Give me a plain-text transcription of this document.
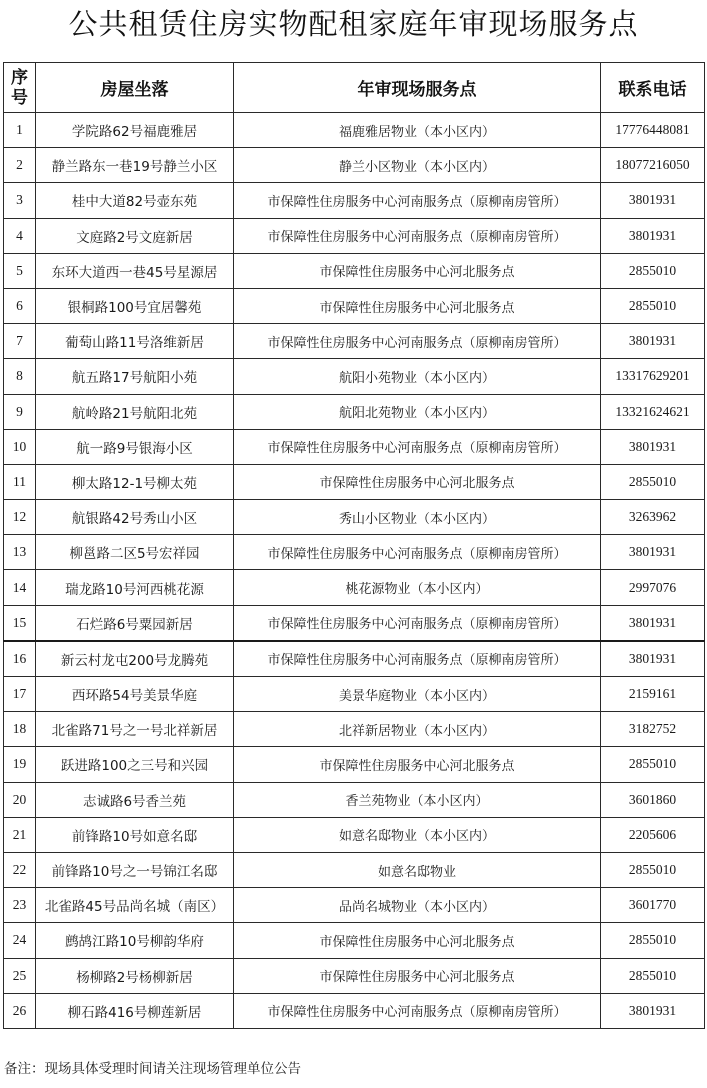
公共租赁住房实物配租家庭年审现场服务点
序号	房屋坐落	年审现场服务点	联系电话
1	学院路62号福鹿雅居	福鹿雅居物业（本小区内）	17776448081
2	静兰路东一巷19号静兰小区	静兰小区物业（本小区内）	18077216050
3	桂中大道82号壶东苑	市保障性住房服务中心河南服务点（原柳南房管所）	3801931
4	文庭路2号文庭新居	市保障性住房服务中心河南服务点（原柳南房管所）	3801931
5	东环大道西一巷45号星源居	市保障性住房服务中心河北服务点	2855010
6	银桐路100号宜居馨苑	市保障性住房服务中心河北服务点	2855010
7	葡萄山路11号洛维新居	市保障性住房服务中心河南服务点（原柳南房管所）	3801931
8	航五路17号航阳小苑	航阳小苑物业（本小区内）	13317629201
9	航岭路21号航阳北苑	航阳北苑物业（本小区内）	13321624621
10	航一路9号银海小区	市保障性住房服务中心河南服务点（原柳南房管所）	3801931
11	柳太路12-1号柳太苑	市保障性住房服务中心河北服务点	2855010
12	航银路42号秀山小区	秀山小区物业（本小区内）	3263962
13	柳邕路二区5号宏祥园	市保障性住房服务中心河南服务点（原柳南房管所）	3801931
14	瑞龙路10号河西桃花源	桃花源物业（本小区内）	2997076
15	石烂路6号粟园新居	市保障性住房服务中心河南服务点（原柳南房管所）	3801931
16	新云村龙屯200号龙腾苑	市保障性住房服务中心河南服务点（原柳南房管所）	3801931
17	西环路54号美景华庭	美景华庭物业（本小区内）	2159161
18	北雀路71号之一号北祥新居	北祥新居物业（本小区内）	3182752
19	跃进路100之三号和兴园	市保障性住房服务中心河北服务点	2855010
20	志诚路6号香兰苑	香兰苑物业（本小区内）	3601860
21	前锋路10号如意名邸	如意名邸物业（本小区内）	2205606
22	前锋路10号之一号锦江名邸	如意名邸物业	2855010
23	北雀路45号品尚名城（南区）	品尚名城物业（本小区内）	3601770
24	鹧鸪江路10号柳韵华府	市保障性住房服务中心河北服务点	2855010
25	杨柳路2号杨柳新居	市保障性住房服务中心河北服务点	2855010
26	柳石路416号柳莲新居	市保障性住房服务中心河南服务点（原柳南房管所）	3801931
备注：现场具体受理时间请关注现场管理单位公告
